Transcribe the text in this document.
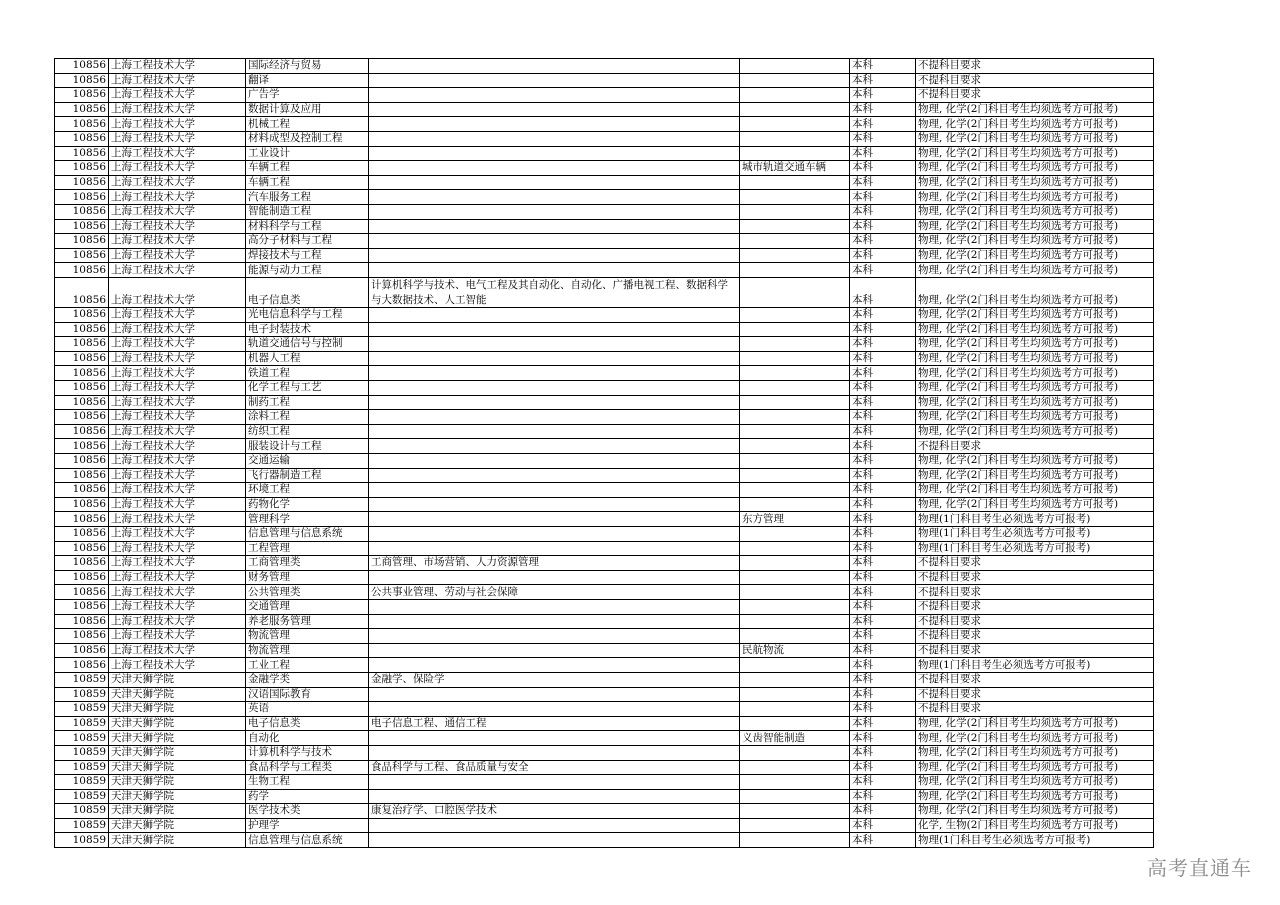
10856	上海工程技术大学	国际经济与贸易			本科	不提科目要求
10856	上海工程技术大学	翻译			本科	不提科目要求
10856	上海工程技术大学	广告学			本科	不提科目要求
10856	上海工程技术大学	数据计算及应用			本科	物理, 化学(2门科目考生均须选考方可报考)
10856	上海工程技术大学	机械工程			本科	物理, 化学(2门科目考生均须选考方可报考)
10856	上海工程技术大学	材料成型及控制工程			本科	物理, 化学(2门科目考生均须选考方可报考)
10856	上海工程技术大学	工业设计			本科	物理, 化学(2门科目考生均须选考方可报考)
10856	上海工程技术大学	车辆工程		城市轨道交通车辆	本科	物理, 化学(2门科目考生均须选考方可报考)
10856	上海工程技术大学	车辆工程			本科	物理, 化学(2门科目考生均须选考方可报考)
10856	上海工程技术大学	汽车服务工程			本科	物理, 化学(2门科目考生均须选考方可报考)
10856	上海工程技术大学	智能制造工程			本科	物理, 化学(2门科目考生均须选考方可报考)
10856	上海工程技术大学	材料科学与工程			本科	物理, 化学(2门科目考生均须选考方可报考)
10856	上海工程技术大学	高分子材料与工程			本科	物理, 化学(2门科目考生均须选考方可报考)
10856	上海工程技术大学	焊接技术与工程			本科	物理, 化学(2门科目考生均须选考方可报考)
10856	上海工程技术大学	能源与动力工程			本科	物理, 化学(2门科目考生均须选考方可报考)
10856	上海工程技术大学	电子信息类	计算机科学与技术、电气工程及其自动化、自动化、广播电视工程、数据科学与大数据技术、人工智能		本科	物理, 化学(2门科目考生均须选考方可报考)
10856	上海工程技术大学	光电信息科学与工程			本科	物理, 化学(2门科目考生均须选考方可报考)
10856	上海工程技术大学	电子封装技术			本科	物理, 化学(2门科目考生均须选考方可报考)
10856	上海工程技术大学	轨道交通信号与控制			本科	物理, 化学(2门科目考生均须选考方可报考)
10856	上海工程技术大学	机器人工程			本科	物理, 化学(2门科目考生均须选考方可报考)
10856	上海工程技术大学	铁道工程			本科	物理, 化学(2门科目考生均须选考方可报考)
10856	上海工程技术大学	化学工程与工艺			本科	物理, 化学(2门科目考生均须选考方可报考)
10856	上海工程技术大学	制药工程			本科	物理, 化学(2门科目考生均须选考方可报考)
10856	上海工程技术大学	涂料工程			本科	物理, 化学(2门科目考生均须选考方可报考)
10856	上海工程技术大学	纺织工程			本科	物理, 化学(2门科目考生均须选考方可报考)
10856	上海工程技术大学	服装设计与工程			本科	不提科目要求
10856	上海工程技术大学	交通运输			本科	物理, 化学(2门科目考生均须选考方可报考)
10856	上海工程技术大学	飞行器制造工程			本科	物理, 化学(2门科目考生均须选考方可报考)
10856	上海工程技术大学	环境工程			本科	物理, 化学(2门科目考生均须选考方可报考)
10856	上海工程技术大学	药物化学			本科	物理, 化学(2门科目考生均须选考方可报考)
10856	上海工程技术大学	管理科学		东方管理	本科	物理(1门科目考生必须选考方可报考)
10856	上海工程技术大学	信息管理与信息系统			本科	物理(1门科目考生必须选考方可报考)
10856	上海工程技术大学	工程管理			本科	物理(1门科目考生必须选考方可报考)
10856	上海工程技术大学	工商管理类	工商管理、市场营销、人力资源管理		本科	不提科目要求
10856	上海工程技术大学	财务管理			本科	不提科目要求
10856	上海工程技术大学	公共管理类	公共事业管理、劳动与社会保障		本科	不提科目要求
10856	上海工程技术大学	交通管理			本科	不提科目要求
10856	上海工程技术大学	养老服务管理			本科	不提科目要求
10856	上海工程技术大学	物流管理			本科	不提科目要求
10856	上海工程技术大学	物流管理		民航物流	本科	不提科目要求
10856	上海工程技术大学	工业工程			本科	物理(1门科目考生必须选考方可报考)
10859	天津天狮学院	金融学类	金融学、保险学		本科	不提科目要求
10859	天津天狮学院	汉语国际教育			本科	不提科目要求
10859	天津天狮学院	英语			本科	不提科目要求
10859	天津天狮学院	电子信息类	电子信息工程、通信工程		本科	物理, 化学(2门科目考生均须选考方可报考)
10859	天津天狮学院	自动化		义齿智能制造	本科	物理, 化学(2门科目考生均须选考方可报考)
10859	天津天狮学院	计算机科学与技术			本科	物理, 化学(2门科目考生均须选考方可报考)
10859	天津天狮学院	食品科学与工程类	食品科学与工程、食品质量与安全		本科	物理, 化学(2门科目考生均须选考方可报考)
10859	天津天狮学院	生物工程			本科	物理, 化学(2门科目考生均须选考方可报考)
10859	天津天狮学院	药学			本科	物理, 化学(2门科目考生均须选考方可报考)
10859	天津天狮学院	医学技术类	康复治疗学、口腔医学技术		本科	物理, 化学(2门科目考生均须选考方可报考)
10859	天津天狮学院	护理学			本科	化学, 生物(2门科目考生均须选考方可报考)
10859	天津天狮学院	信息管理与信息系统			本科	物理(1门科目考生必须选考方可报考)
高考直通车
